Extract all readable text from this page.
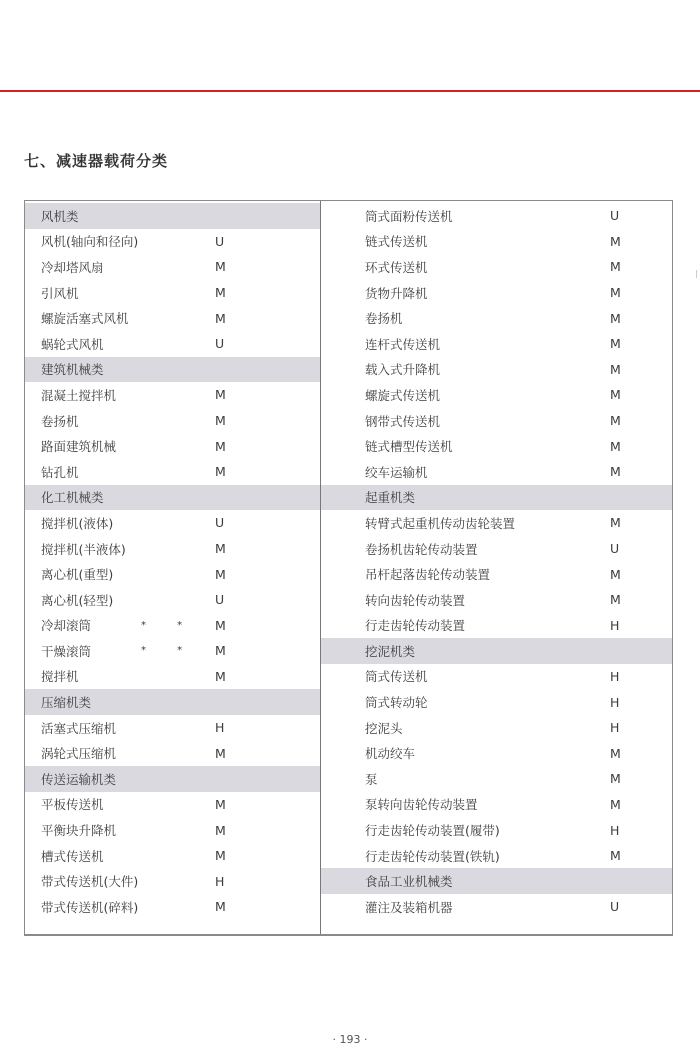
七、减速器载荷分类
风机类
风机(轴向和径向)	U
冷却塔风扇	M
引风机	M
螺旋活塞式风机	M
蜗轮式风机	U
建筑机械类
混凝土搅拌机	M
卷扬机	M
路面建筑机械	M
钻孔机	M
化工机械类
搅拌机(液体)	U
搅拌机(半液体)	M
离心机(重型)	M
离心机(轻型)	U
冷却滚筒	* *	M
干燥滚筒	* *	M
搅拌机	M
压缩机类
活塞式压缩机	H
涡轮式压缩机	M
传送运输机类
平板传送机	M
平衡块升降机	M
槽式传送机	M
带式传送机(大件)	H
带式传送机(碎料)	M
筒式面粉传送机	U
链式传送机	M
环式传送机	M
货物升降机	M
卷扬机	M
连杆式传送机	M
载入式升降机	M
螺旋式传送机	M
钢带式传送机	M
链式槽型传送机	M
绞车运输机	M
起重机类
转臂式起重机传动齿轮装置	M
卷扬机齿轮传动装置	U
吊杆起落齿轮传动装置	M
转向齿轮传动装置	M
行走齿轮传动装置	H
挖泥机类
筒式传送机	H
筒式转动轮	H
挖泥头	H
机动绞车	M
泵	M
泵转向齿轮传动装置	M
行走齿轮传动装置(履带)	H
行走齿轮传动装置(铁轨)	M
食品工业机械类
灌注及装箱机器	U
· 193 ·
